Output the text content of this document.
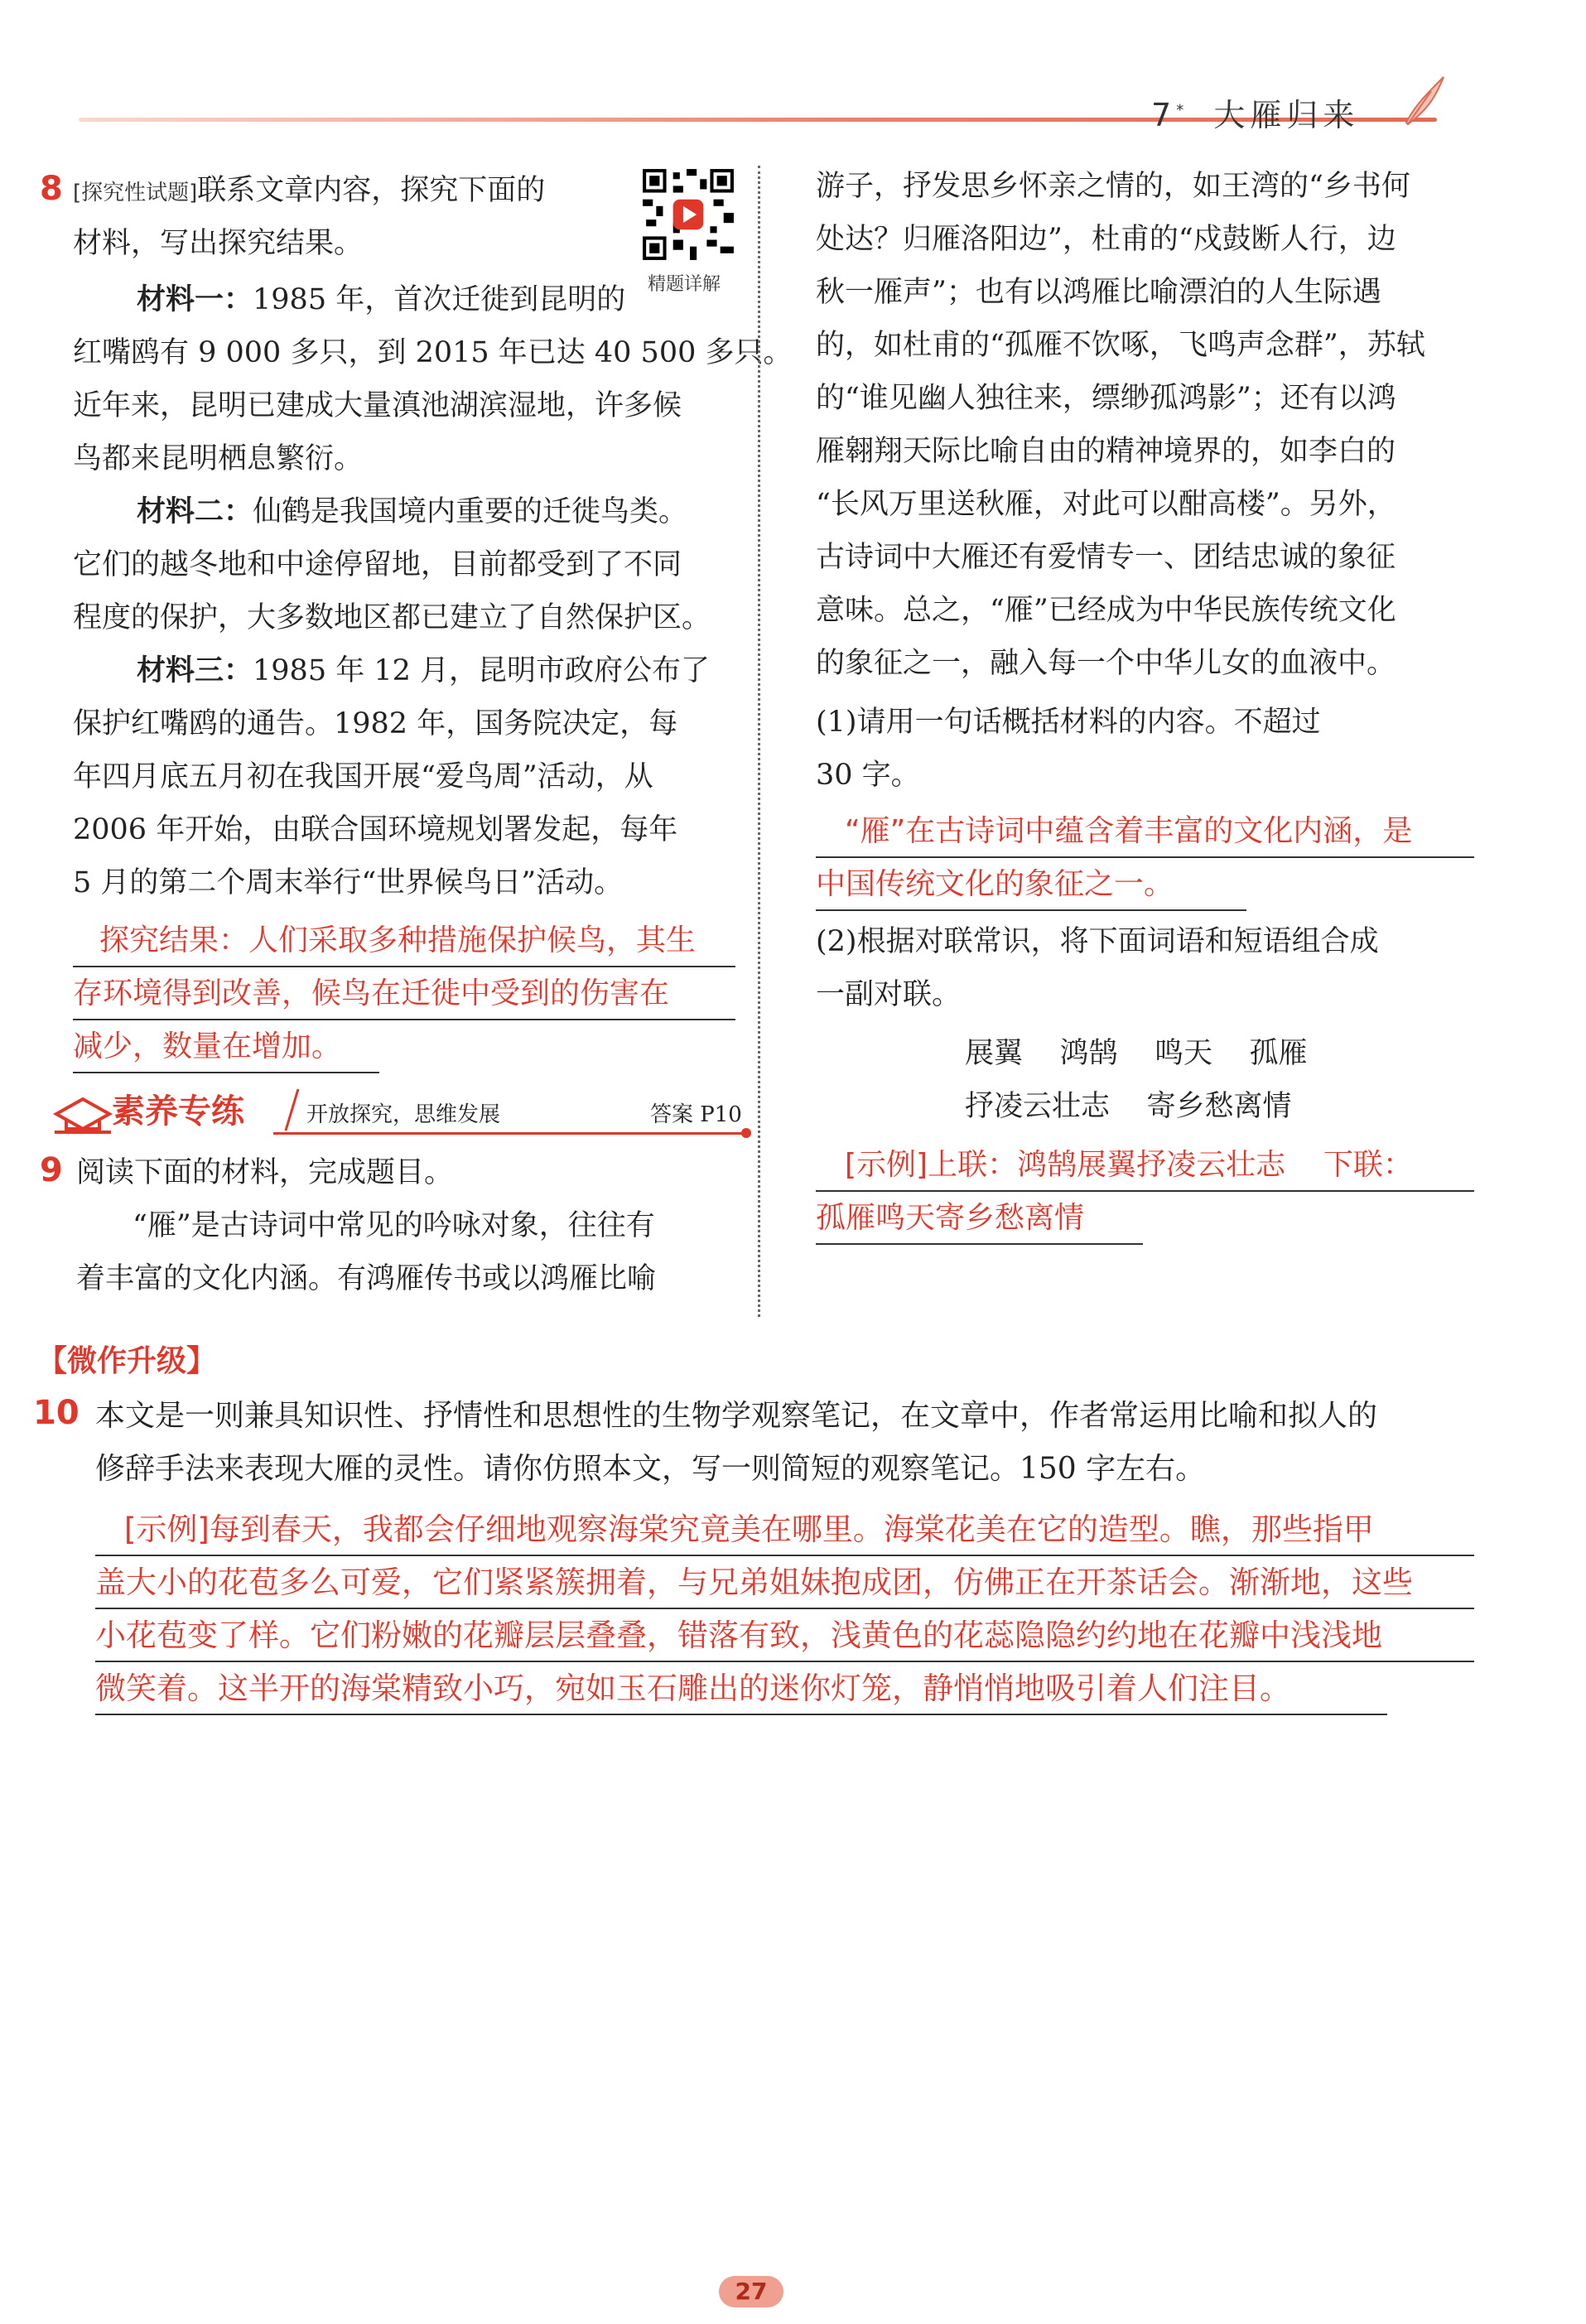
7* 大雁归来
8 [探究性试题]联系文章内容，探究下面的
材料，写出探究结果。
精题详解
材料一：1985 年，首次迁徙到昆明的
红嘴鸥有 9 000 多只，到 2015 年已达 40 500 多只。
近年来，昆明已建成大量滇池湖滨湿地，许多候
鸟都来昆明栖息繁衍。
材料二：仙鹤是我国境内重要的迁徙鸟类。
它们的越冬地和中途停留地，目前都受到了不同
程度的保护，大多数地区都已建立了自然保护区。
材料三：1985 年 12 月，昆明市政府公布了
保护红嘴鸥的通告。1982 年，国务院决定，每
年四月底五月初在我国开展“爱鸟周”活动，从
2006 年开始，由联合国环境规划署发起，每年
5 月的第二个周末举行“世界候鸟日”活动。
探究结果：人们采取多种措施保护候鸟，其生
存环境得到改善，候鸟在迁徙中受到的伤害在
减少，数量在增加。
素养专练	开放探究，思维发展	答案 P10
9 阅读下面的材料，完成题目。
“雁”是古诗词中常见的吟咏对象，往往有
着丰富的文化内涵。有鸿雁传书或以鸿雁比喻
游子，抒发思乡怀亲之情的，如王湾的“乡书何
处达？归雁洛阳边”，杜甫的“戍鼓断人行，边
秋一雁声”；也有以鸿雁比喻漂泊的人生际遇
的，如杜甫的“孤雁不饮啄，飞鸣声念群”，苏轼
的“谁见幽人独往来，缥缈孤鸿影”；还有以鸿
雁翱翔天际比喻自由的精神境界的，如李白的
“长风万里送秋雁，对此可以酣高楼”。另外，
古诗词中大雁还有爱情专一、团结忠诚的象征
意味。总之，“雁”已经成为中华民族传统文化
的象征之一，融入每一个中华儿女的血液中。
(1)请用一句话概括材料的内容。不超过
30 字。
“雁”在古诗词中蕴含着丰富的文化内涵，是
中国传统文化的象征之一。
(2)根据对联常识，将下面词语和短语组合成
一副对联。
展翼    鸿鹄    鸣天    孤雁
抒凌云壮志    寄乡愁离情
[示例]上联：鸿鹄展翼抒凌云壮志    下联：
孤雁鸣天寄乡愁离情
【微作升级】
10 本文是一则兼具知识性、抒情性和思想性的生物学观察笔记，在文章中，作者常运用比喻和拟人的
修辞手法来表现大雁的灵性。请你仿照本文，写一则简短的观察笔记。150 字左右。
[示例]每到春天，我都会仔细地观察海棠究竟美在哪里。海棠花美在它的造型。瞧，那些指甲
盖大小的花苞多么可爱，它们紧紧簇拥着，与兄弟姐妹抱成团，仿佛正在开茶话会。渐渐地，这些
小花苞变了样。它们粉嫩的花瓣层层叠叠，错落有致，浅黄色的花蕊隐隐约约地在花瓣中浅浅地
微笑着。这半开的海棠精致小巧，宛如玉石雕出的迷你灯笼，静悄悄地吸引着人们注目。
27
